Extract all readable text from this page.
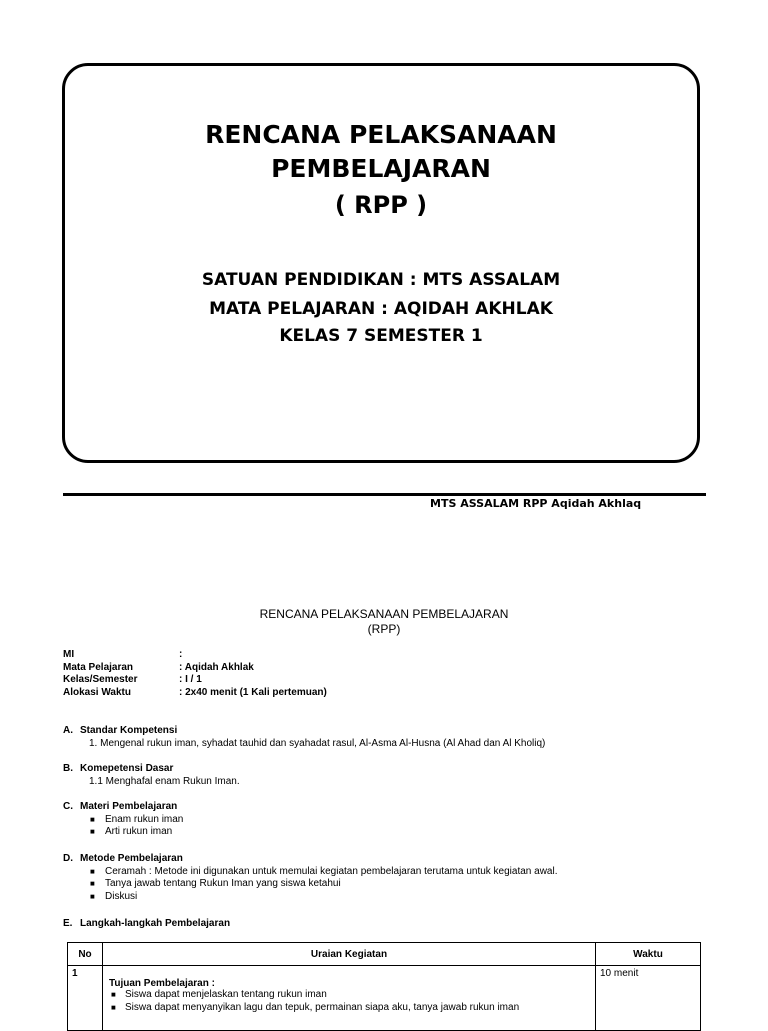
RENCANA PELAKSANAAN
PEMBELAJARAN
( RPP )
SATUAN PENDIDIKAN : MTS ASSALAM
MATA PELAJARAN : AQIDAH AKHLAK
KELAS 7 SEMESTER 1
MTS ASSALAM RPP Aqidah Akhlaq
RENCANA PELAKSANAAN PEMBELAJARAN
(RPP)
MI	:
Mata Pelajaran	: Aqidah Akhlak
Kelas/Semester	: I / 1
Alokasi Waktu	: 2x40 menit (1 Kali pertemuan)
A. Standar Kompetensi
1. Mengenal rukun iman, syhadat tauhid dan syahadat rasul, Al-Asma Al-Husna (Al Ahad dan Al Kholiq)
B. Komepetensi Dasar
1.1 Menghafal enam Rukun Iman.
C. Materi Pembelajaran
■	Enam rukun iman
■	Arti rukun iman
D. Metode Pembelajaran
■	Ceramah : Metode ini digunakan untuk memulai kegiatan pembelajaran terutama untuk kegiatan awal.
■	Tanya jawab tentang Rukun Iman yang siswa ketahui
■	Diskusi
E. Langkah-langkah Pembelajaran
No	Uraian Kegiatan	Waktu
1	Tujuan Pembelajaran :
■ Siswa dapat menjelaskan tentang rukun iman
■ Siswa dapat menyanyikan lagu dan tepuk, permainan siapa aku, tanya jawab rukun iman	10 menit
